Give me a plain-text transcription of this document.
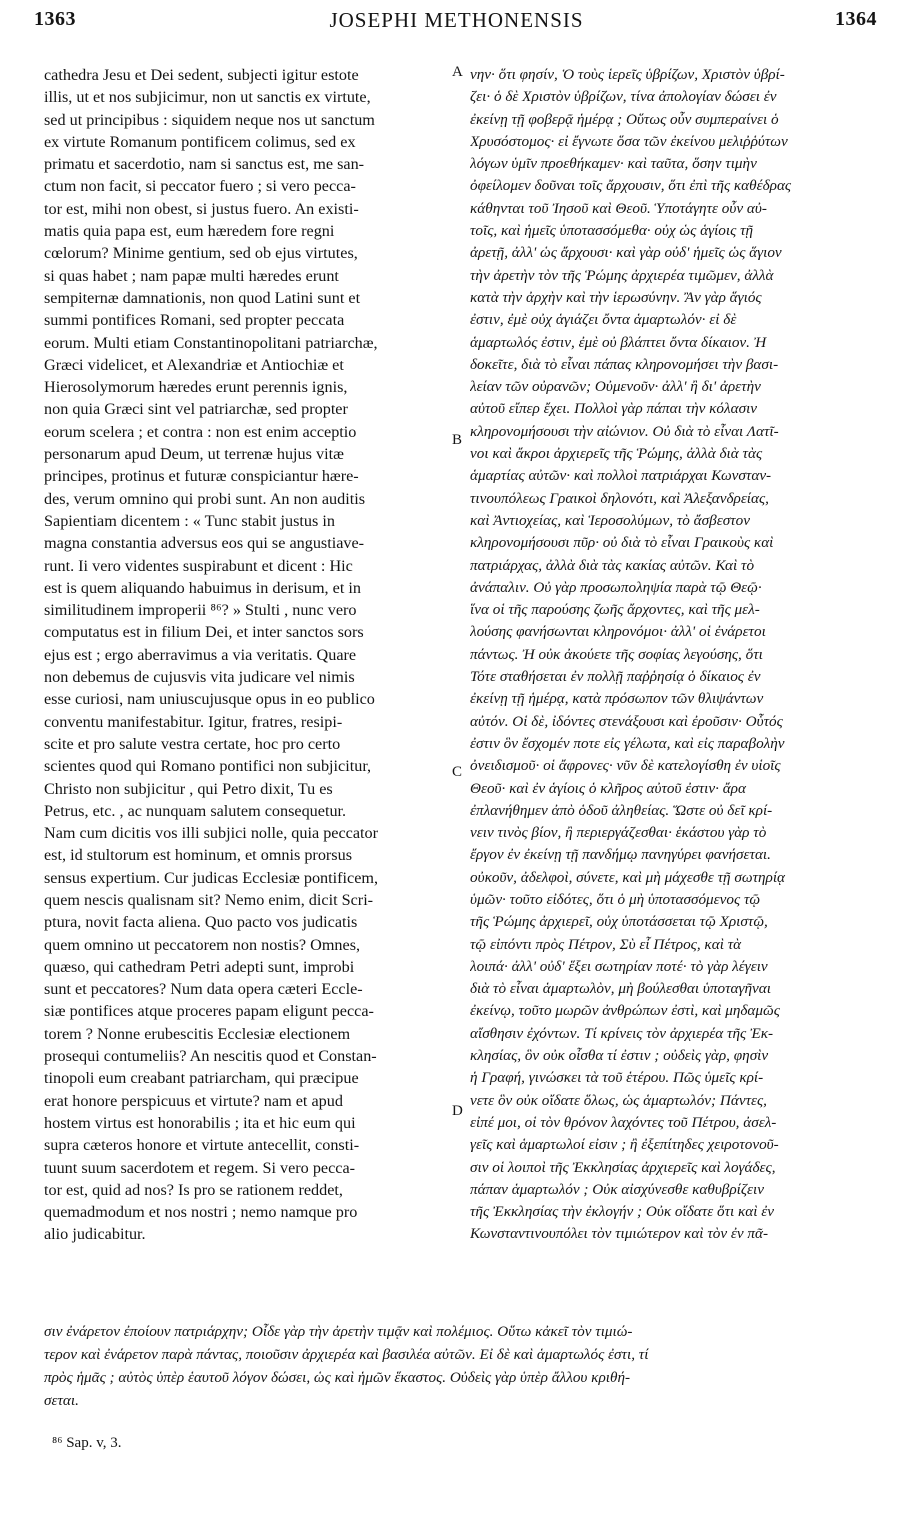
1363	JOSEPHI METHONENSIS	1364
cathedra Jesu et Dei sedent, subjecti igitur estote
illis, ut et nos subjicimur, non ut sanctis ex virtute,
sed ut principibus : siquidem neque nos ut sanctum
ex virtute Romanum pontificem colimus, sed ex
primatu et sacerdotio, nam si sanctus est, me san-
ctum non facit, si peccator fuero ; si vero pecca-
tor est, mihi non obest, si justus fuero. An existi-
matis quia papa est, eum hæredem fore regni
cœlorum? Minime gentium, sed ob ejus virtutes,
si quas habet ; nam papæ multi hæredes erunt
sempiternæ damnationis, non quod Latini sunt et
summi pontifices Romani, sed propter peccata
eorum. Multi etiam Constantinopolitani patriarchæ,
Græci videlicet, et Alexandriæ et Antiochiæ et
Hierosolymorum hæredes erunt perennis ignis,
non quia Græci sint vel patriarchæ, sed propter
eorum scelera ; et contra : non est enim acceptio
personarum apud Deum, ut terrenæ hujus vitæ
principes, protinus et futuræ conspiciantur hære-
des, verum omnino qui probi sunt. An non auditis
Sapientiam dicentem : « Tunc stabit justus in
magna constantia adversus eos qui se angustiave-
runt. Ii vero videntes suspirabunt et dicent : Hic
est is quem aliquando habuimus in derisum, et in
similitudinem improperii ⁸⁶? » Stulti , nunc vero
computatus est in filium Dei, et inter sanctos sors
ejus est ; ergo aberravimus a via veritatis. Quare
non debemus de cujusvis vita judicare vel nimis
esse curiosi, nam uniuscujusque opus in eo publico
conventu manifestabitur. Igitur, fratres, resipi-
scite et pro salute vestra certate, hoc pro certo
scientes quod qui Romano pontifici non subjicitur,
Christo non subjicitur , qui Petro dixit, Tu es
Petrus, etc. , ac nunquam salutem consequetur.
Nam cum dicitis vos illi subjici nolle, quia peccator
est, id stultorum est hominum, et omnis prorsus
sensus expertium. Cur judicas Ecclesiæ pontificem,
quem nescis qualisnam sit? Nemo enim, dicit Scri-
ptura, novit facta aliena. Quo pacto vos judicatis
quem omnino ut peccatorem non nostis? Omnes,
quæso, qui cathedram Petri adepti sunt, improbi
sunt et peccatores? Num data opera cæteri Eccle-
siæ pontifices atque proceres papam eligunt pecca-
torem ? Nonne erubescitis Ecclesiæ electionem
prosequi contumeliis? An nescitis quod et Constan-
tinopoli eum creabant patriarcham, qui præcipue
erat honore perspicuus et virtute? nam et apud
hostem virtus est honorabilis ; ita et hic eum qui
supra cæteros honore et virtute antecellit, consti-
tuunt suum sacerdotem et regem. Si vero pecca-
tor est, quid ad nos? Is pro se rationem reddet,
quemadmodum et nos nostri ; nemo namque pro
alio judicabitur.
νην· ὅτι φησίν, Ὁ τοὺς ἱερεῖς ὑβρίζων, Χριστὸν ὑβρί-
ζει· ὁ δὲ Χριστὸν ὑβρίζων, τίνα ἀπολογίαν δώσει ἐν
ἐκείνῃ τῇ φοβερᾷ ἡμέρᾳ ; Οὕτως οὖν συμπεραίνει ὁ
Χρυσόστομος· εἰ ἔγνωτε ὅσα τῶν ἐκείνου μελιῤῥύτων
λόγων ὑμῖν προεθήκαμεν· καὶ ταῦτα, ὅσην τιμὴν
ὀφείλομεν δοῦναι τοῖς ἄρχουσιν, ὅτι ἐπὶ τῆς καθέδρας
κάθηνται τοῦ Ἰησοῦ καὶ Θεοῦ. Ὑποτάγητε οὖν αὐ-
τοῖς, καὶ ἡμεῖς ὑποτασσόμεθα· οὐχ ὡς ἁγίοις τῇ
ἀρετῇ, ἀλλ' ὡς ἄρχουσι· καὶ γὰρ οὐδ' ἡμεῖς ὡς ἅγιον
τὴν ἀρετὴν τὸν τῆς Ῥώμης ἀρχιερέα τιμῶμεν, ἀλλὰ
κατὰ τὴν ἀρχὴν καὶ τὴν ἱερωσύνην. Ἂν γὰρ ἅγιός
ἐστιν, ἐμὲ οὐχ ἁγιάζει ὄντα ἁμαρτωλόν· εἰ δὲ
ἁμαρτωλός ἐστιν, ἐμὲ οὐ βλάπτει ὄντα δίκαιον. Ἠ
δοκεῖτε, διὰ τὸ εἶναι πάπας κληρονομήσει τὴν βασι-
λείαν τῶν οὐρανῶν; Οὐμενοῦν· ἀλλ' ἢ δι' ἀρετὴν
αὐτοῦ εἴπερ ἔχει. Πολλοὶ γὰρ πάπαι τὴν κόλασιν
κληρονομήσουσι τὴν αἰώνιον. Οὐ διὰ τὸ εἶναι Λατῖ-
νοι καὶ ἄκροι ἀρχιερεῖς τῆς Ῥώμης, ἀλλὰ διὰ τὰς
ἁμαρτίας αὐτῶν· καὶ πολλοὶ πατριάρχαι Κωνσταν-
τινουπόλεως Γραικοὶ δηλονότι, καὶ Ἀλεξανδρείας,
καὶ Ἀντιοχείας, καὶ Ἱεροσολύμων, τὸ ἄσβεστον
κληρονομήσουσι πῦρ· οὐ διὰ τὸ εἶναι Γραικοὺς καὶ
πατριάρχας, ἀλλὰ διὰ τὰς κακίας αὐτῶν. Καὶ τὸ
ἀνάπαλιν. Οὐ γὰρ προσωποληψία παρὰ τῷ Θεῷ·
ἵνα οἱ τῆς παρούσης ζωῆς ἄρχοντες, καὶ τῆς μελ-
λούσης φανήσωνται κληρονόμοι· ἀλλ' οἱ ἐνάρετοι
πάντως. Ἠ οὐκ ἀκούετε τῆς σοφίας λεγούσης, ὅτι
Τότε σταθήσεται ἐν πολλῇ παῤῥησίᾳ ὁ δίκαιος ἐν
ἐκείνῃ τῇ ἡμέρᾳ, κατὰ πρόσωπον τῶν θλιψάντων
αὐτόν. Οἱ δὲ, ἰδόντες στενάξουσι καὶ ἐροῦσιν· Οὗτός
ἐστιν ὃν ἔσχομέν ποτε εἰς γέλωτα, καὶ εἰς παραβολὴν
ὀνειδισμοῦ· οἱ ἄφρονες· νῦν δὲ κατελογίσθη ἐν υἱοῖς
Θεοῦ· καὶ ἐν ἁγίοις ὁ κλῆρος αὐτοῦ ἐστιν· ἄρα
ἐπλανήθημεν ἀπὸ ὁδοῦ ἀληθείας. Ὥστε οὐ δεῖ κρί-
νειν τινὸς βίον, ἢ περιεργάζεσθαι· ἑκάστου γὰρ τὸ
ἔργον ἐν ἐκείνῃ τῇ πανδήμῳ πανηγύρει φανήσεται.
οὐκοῦν, ἀδελφοὶ, σύνετε, καὶ μὴ μάχεσθε τῇ σωτηρίᾳ
ὑμῶν· τοῦτο εἰδότες, ὅτι ὁ μὴ ὑποτασσόμενος τῷ
τῆς Ῥώμης ἀρχιερεῖ, οὐχ ὑποτάσσεται τῷ Χριστῷ,
τῷ εἰπόντι πρὸς Πέτρον, Σὺ εἶ Πέτρος, καὶ τὰ
λοιπά· ἀλλ' οὐδ' ἕξει σωτηρίαν ποτέ· τὸ γὰρ λέγειν
διὰ τὸ εἶναι ἁμαρτωλὸν, μὴ βούλεσθαι ὑποταγῆναι
ἐκείνῳ, τοῦτο μωρῶν ἀνθρώπων ἐστὶ, καὶ μηδαμῶς
αἴσθησιν ἐχόντων. Τί κρίνεις τὸν ἀρχιερέα τῆς Ἐκ-
κλησίας, ὃν οὐκ οἶσθα τί ἐστιν ; οὐδεὶς γὰρ, φησὶν
ἡ Γραφή, γινώσκει τὰ τοῦ ἑτέρου. Πῶς ὑμεῖς κρί-
νετε ὃν οὐκ οἴδατε ὅλως, ὡς ἁμαρτωλόν; Πάντες,
εἰπέ μοι, οἱ τὸν θρόνον λαχόντες τοῦ Πέτρου, ἀσελ-
γεῖς καὶ ἁμαρτωλοί εἰσιν ; ἢ ἐξεπίτηδες χειροτονοῦ-
σιν οἱ λοιποὶ τῆς Ἐκκλησίας ἀρχιερεῖς καὶ λογάδες,
πάπαν ἁμαρτωλόν ; Οὐκ αἰσχύνεσθε καθυβρίζειν
τῆς Ἐκκλησίας τὴν ἐκλογήν ; Οὐκ οἴδατε ὅτι καὶ ἐν
Κωνσταντινουπόλει τὸν τιμιώτερον καὶ τὸν ἐν πᾶ-
A
B
C
D
σιν ἐνάρετον ἐποίουν πατριάρχην; Οἶδε γὰρ τὴν ἀρετὴν τιμᾷν καὶ πολέμιος. Οὕτω κἀκεῖ τὸν τιμιώ-
τερον καὶ ἐνάρετον παρὰ πάντας, ποιοῦσιν ἀρχιερέα καὶ βασιλέα αὐτῶν. Εἰ δὲ καὶ ἁμαρτωλός ἐστι, τί
πρὸς ἡμᾶς ; αὐτὸς ὑπὲρ ἑαυτοῦ λόγον δώσει, ὡς καὶ ἡμῶν ἕκαστος. Οὐδεὶς γὰρ ὑπὲρ ἄλλου κριθή-
σεται.
⁸⁶ Sap. v, 3.
